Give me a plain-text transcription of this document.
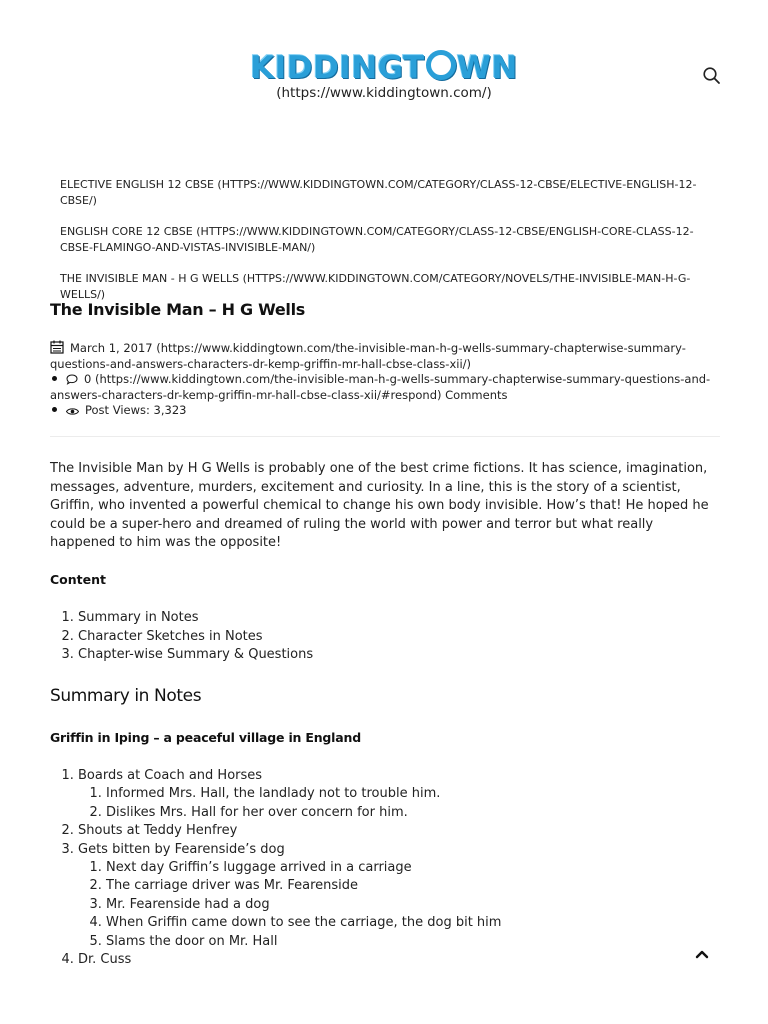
KIDDINGT WN
(https://www.kiddingtown.com/)
ELECTIVE ENGLISH 12 CBSE (HTTPS://WWW.KIDDINGTOWN.COM/CATEGORY/CLASS-12-CBSE/ELECTIVE-ENGLISH-12-CBSE/)
ENGLISH CORE 12 CBSE (HTTPS://WWW.KIDDINGTOWN.COM/CATEGORY/CLASS-12-CBSE/ENGLISH-CORE-CLASS-12-CBSE-FLAMINGO-AND-VISTAS-INVISIBLE-MAN/)
THE INVISIBLE MAN - H G WELLS (HTTPS://WWW.KIDDINGTOWN.COM/CATEGORY/NOVELS/THE-INVISIBLE-MAN-H-G-WELLS/)
The Invisible Man – H G Wells
March 1, 2017 (https://www.kiddingtown.com/the-invisible-man-h-g-wells-summary-chapterwise-summary-questions-and-answers-characters-dr-kemp-griffin-mr-hall-cbse-class-xii/)
0 (https://www.kiddingtown.com/the-invisible-man-h-g-wells-summary-chapterwise-summary-questions-and-answers-characters-dr-kemp-griffin-mr-hall-cbse-class-xii/#respond) Comments
Post Views: 3,323

The Invisible Man by H G Wells is probably one of the best crime fictions. It has science, imagination, messages, adventure, murders, excitement and curiosity. In a line, this is the story of a scientist, Griffin, who invented a powerful chemical to change his own body invisible. How’s that! He hoped he could be a super-hero and dreamed of ruling the world with power and terror but what really happened to him was the opposite!

Content
1. Summary in Notes
2. Character Sketches in Notes
3. Chapter-wise Summary & Questions
Summary in Notes
Griffin in Iping – a peaceful village in England
1. Boards at Coach and Horses
1. Informed Mrs. Hall, the landlady not to trouble him.
2. Dislikes Mrs. Hall for her over concern for him.
2. Shouts at Teddy Henfrey
3. Gets bitten by Fearenside’s dog
1. Next day Griffin’s luggage arrived in a carriage
2. The carriage driver was Mr. Fearenside
3. Mr. Fearenside had a dog
4. When Griffin came down to see the carriage, the dog bit him
5. Slams the door on Mr. Hall
4. Dr. Cuss
